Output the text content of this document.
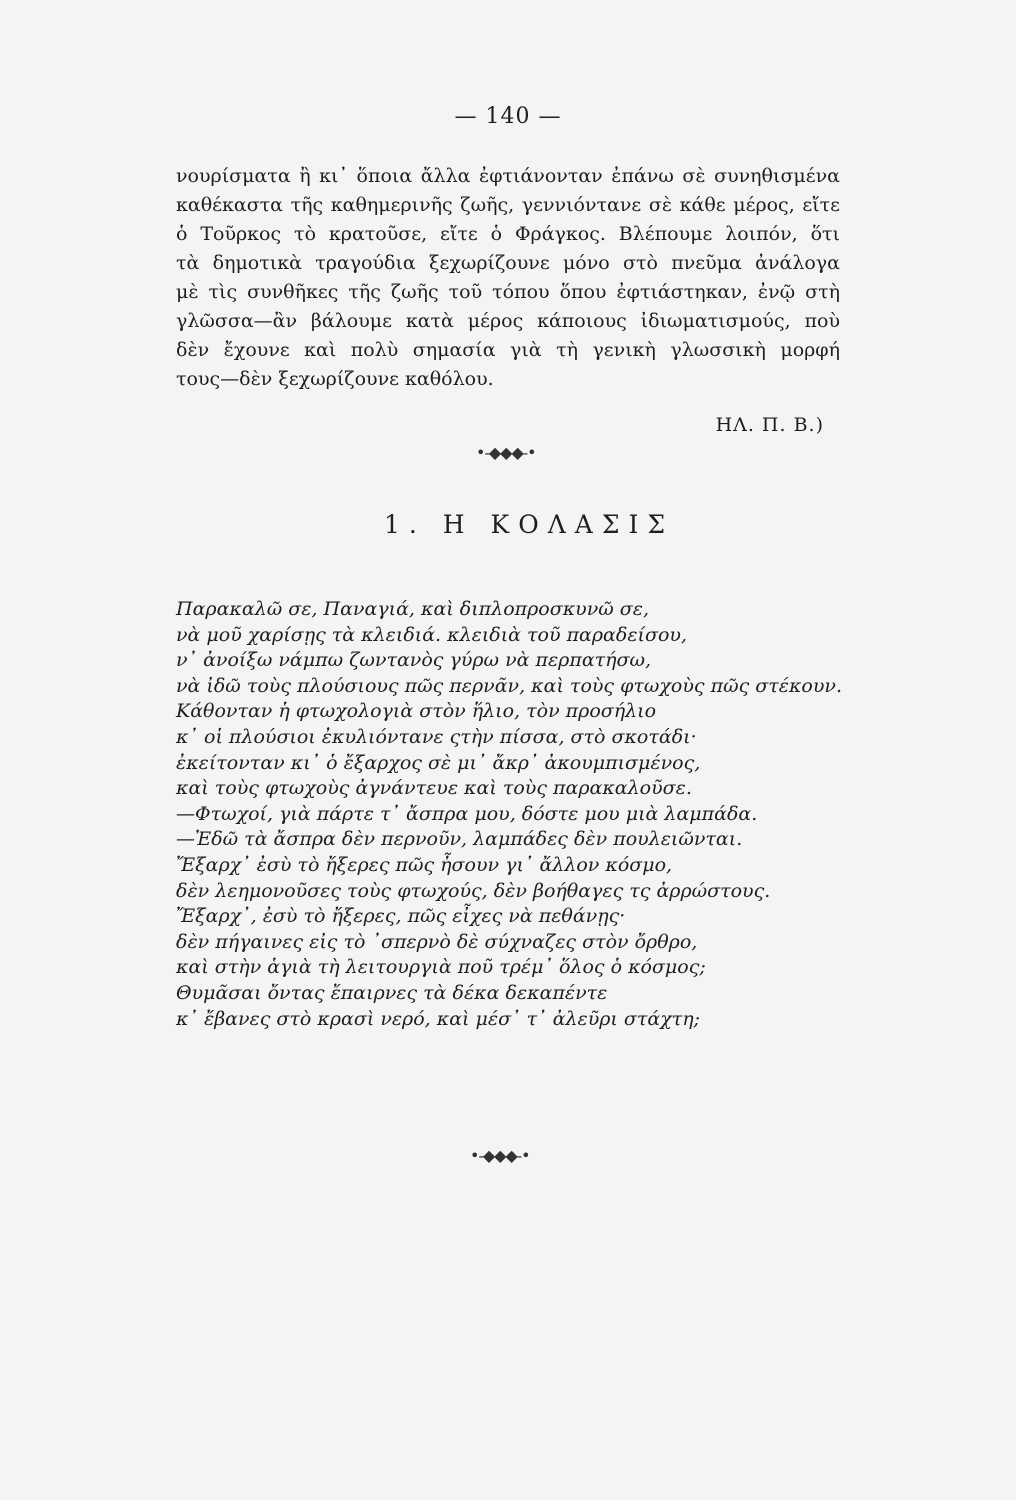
— 140 —
νουρίσματα ἢ κι᾿ ὅποια ἄλλα ἐφτιάνονταν ἐπάνω σὲ συνηθισμένα
καθέκαστα τῆς καθημερινῆς ζωῆς, γεννιόντανε σὲ κάθε μέρος, εἴτε
ὁ Τοῦρκος τὸ κρατοῦσε, εἴτε ὁ Φράγκος. Βλέπουμε λοιπόν, ὅτι
τὰ δημοτικὰ τραγούδια ξεχωρίζουνε μόνο στὸ πνεῦμα ἀνάλογα
μὲ τὶς συνθῆκες τῆς ζωῆς τοῦ τόπου ὅπου ἐφτιάστηκαν, ἐνῷ στὴ
γλῶσσα—ἂν βάλουμε κατὰ μέρος κάποιους ἰδιωματισμούς, ποὺ
δὲν ἔχουνε καὶ πολὺ σημασία γιὰ τὴ γενικὴ γλωσσικὴ μορφή
τους—δὲν ξεχωρίζουνε καθόλου.
ΗΛ. Π. Β.)
•-◆◆◆-•
1. Η ΚΟΛΑΣΙΣ
Παρακαλῶ σε, Παναγιά, καὶ διπλοπροσκυνῶ σε,
νὰ μοῦ χαρίσῃς τὰ κλειδιά. κλειδιὰ τοῦ παραδείσου,
ν᾿ ἀνοίξω νάμπω ζωντανὸς γύρω νὰ περπατήσω,
νὰ ἰδῶ τοὺς πλούσιους πῶς περνᾶν, καὶ τοὺς φτωχοὺς πῶς στέκουν.
Κάθονταν ἡ φτωχολογιὰ στὸν ἥλιο, τὸν προσήλιο
κ᾿ οἱ πλούσιοι ἐκυλιόντανε ςτὴν πίσσα, στὸ σκοτάδι·
ἐκείτονταν κι᾿ ὁ ἔξαρχος σὲ μι᾿ ἄκρ᾿ ἀκουμπισμένος,
καὶ τοὺς φτωχοὺς ἀγνάντευε καὶ τοὺς παρακαλοῦσε.
—Φτωχοί, γιὰ πάρτε τ᾿ ἄσπρα μου, δόστε μου μιὰ λαμπάδα.
—Ἐδῶ τὰ ἄσπρα δὲν περνοῦν, λαμπάδες δὲν πουλειῶνται.
Ἔξαρχ᾿ ἐσὺ τὸ ἤξερες πῶς ἦσουν γι᾿ ἄλλον κόσμο,
δὲν λεημονοῦσες τοὺς φτωχούς, δὲν βοήθαγες τς ἀρρώστους.
Ἔξαρχ᾿, ἐσὺ τὸ ἤξερες, πῶς εἶχες νὰ πεθάνῃς·
δὲν πήγαινες εἰς τὸ ᾿σπερνὸ δὲ σύχναζες στὸν ὄρθρο,
καὶ στὴν ἁγιὰ τὴ λειτουργιὰ ποῦ τρέμ᾿ ὅλος ὁ κόσμος;
Θυμᾶσαι ὄντας ἔπαιρνες τὰ δέκα δεκαπέντε
κ᾿ ἔβανες στὸ κρασὶ νερό, καὶ μέσ᾿ τ᾿ ἀλεῦρι στάχτη;
•-◆◆◆-•
